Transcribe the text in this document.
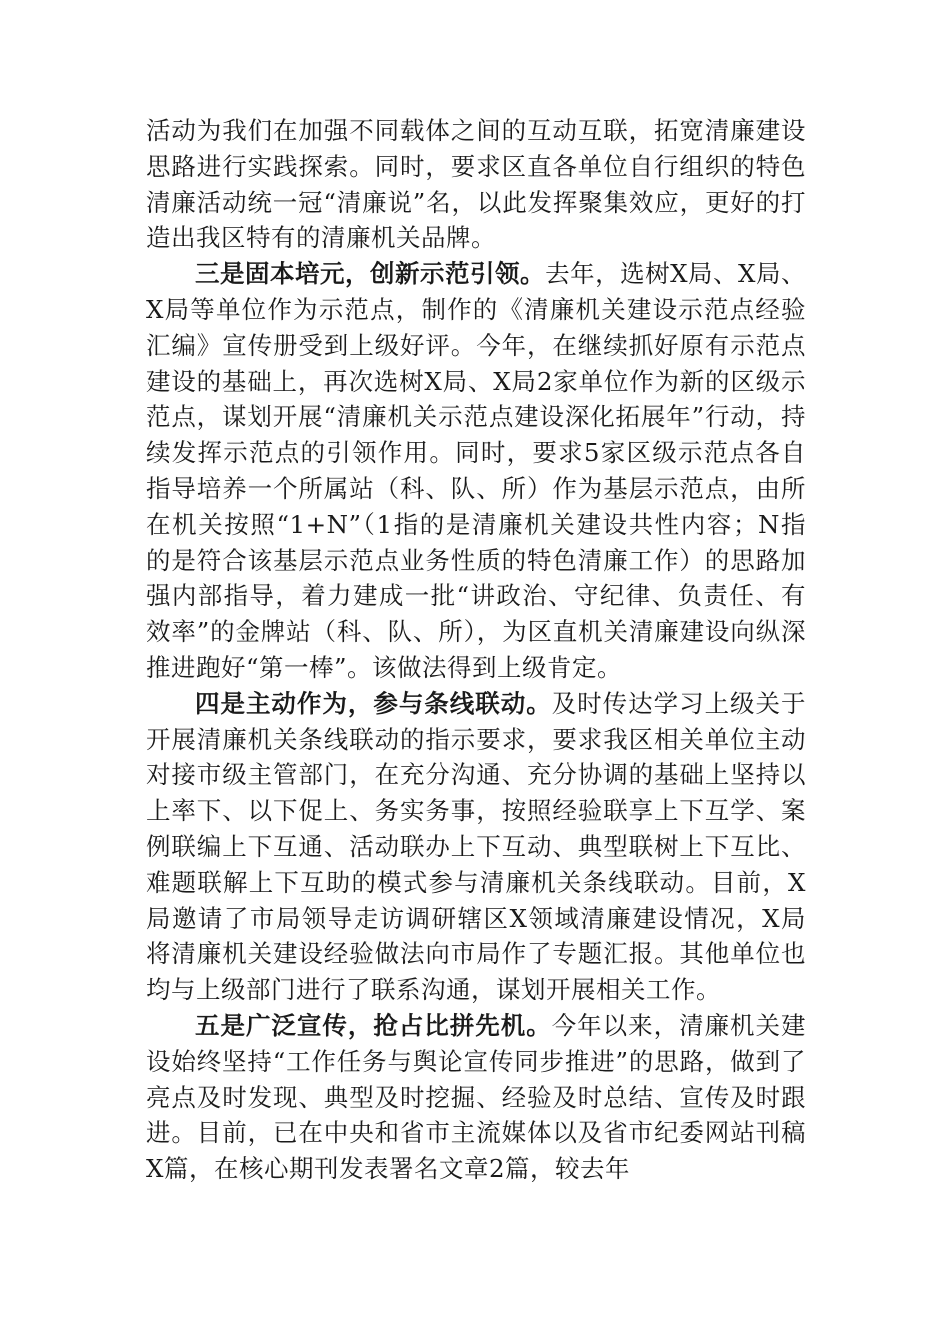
活动为我们在加强不同载体之间的互动互联，拓宽清廉建设思路进行实践探索。同时，要求区直各单位自行组织的特色清廉活动统一冠“清廉说”名，以此发挥聚集效应，更好的打造出我区特有的清廉机关品牌。

三是固本培元，创新示范引领。去年，选树X局、X局、X局等单位作为示范点，制作的《清廉机关建设示范点经验汇编》宣传册受到上级好评。今年，在继续抓好原有示范点建设的基础上，再次选树X局、X局2家单位作为新的区级示范点，谋划开展“清廉机关示范点建设深化拓展年”行动，持续发挥示范点的引领作用。同时，要求5家区级示范点各自指导培养一个所属站（科、队、所）作为基层示范点，由所在机关按照“1+N”（1指的是清廉机关建设共性内容；N指的是符合该基层示范点业务性质的特色清廉工作）的思路加强内部指导，着力建成一批“讲政治、守纪律、负责任、有效率”的金牌站（科、队、所），为区直机关清廉建设向纵深推进跑好“第一棒”。该做法得到上级肯定。

四是主动作为，参与条线联动。及时传达学习上级关于开展清廉机关条线联动的指示要求，要求我区相关单位主动对接市级主管部门，在充分沟通、充分协调的基础上坚持以上率下、以下促上、务实务事，按照经验联享上下互学、案例联编上下互通、活动联办上下互动、典型联树上下互比、难题联解上下互助的模式参与清廉机关条线联动。目前，X局邀请了市局领导走访调研辖区X领域清廉建设情况，X局将清廉机关建设经验做法向市局作了专题汇报。其他单位也均与上级部门进行了联系沟通，谋划开展相关工作。

五是广泛宣传，抢占比拼先机。今年以来，清廉机关建设始终坚持“工作任务与舆论宣传同步推进”的思路，做到了亮点及时发现、典型及时挖掘、经验及时总结、宣传及时跟进。目前，已在中央和省市主流媒体以及省市纪委网站刊稿X篇，在核心期刊发表署名文章2篇，较去年
